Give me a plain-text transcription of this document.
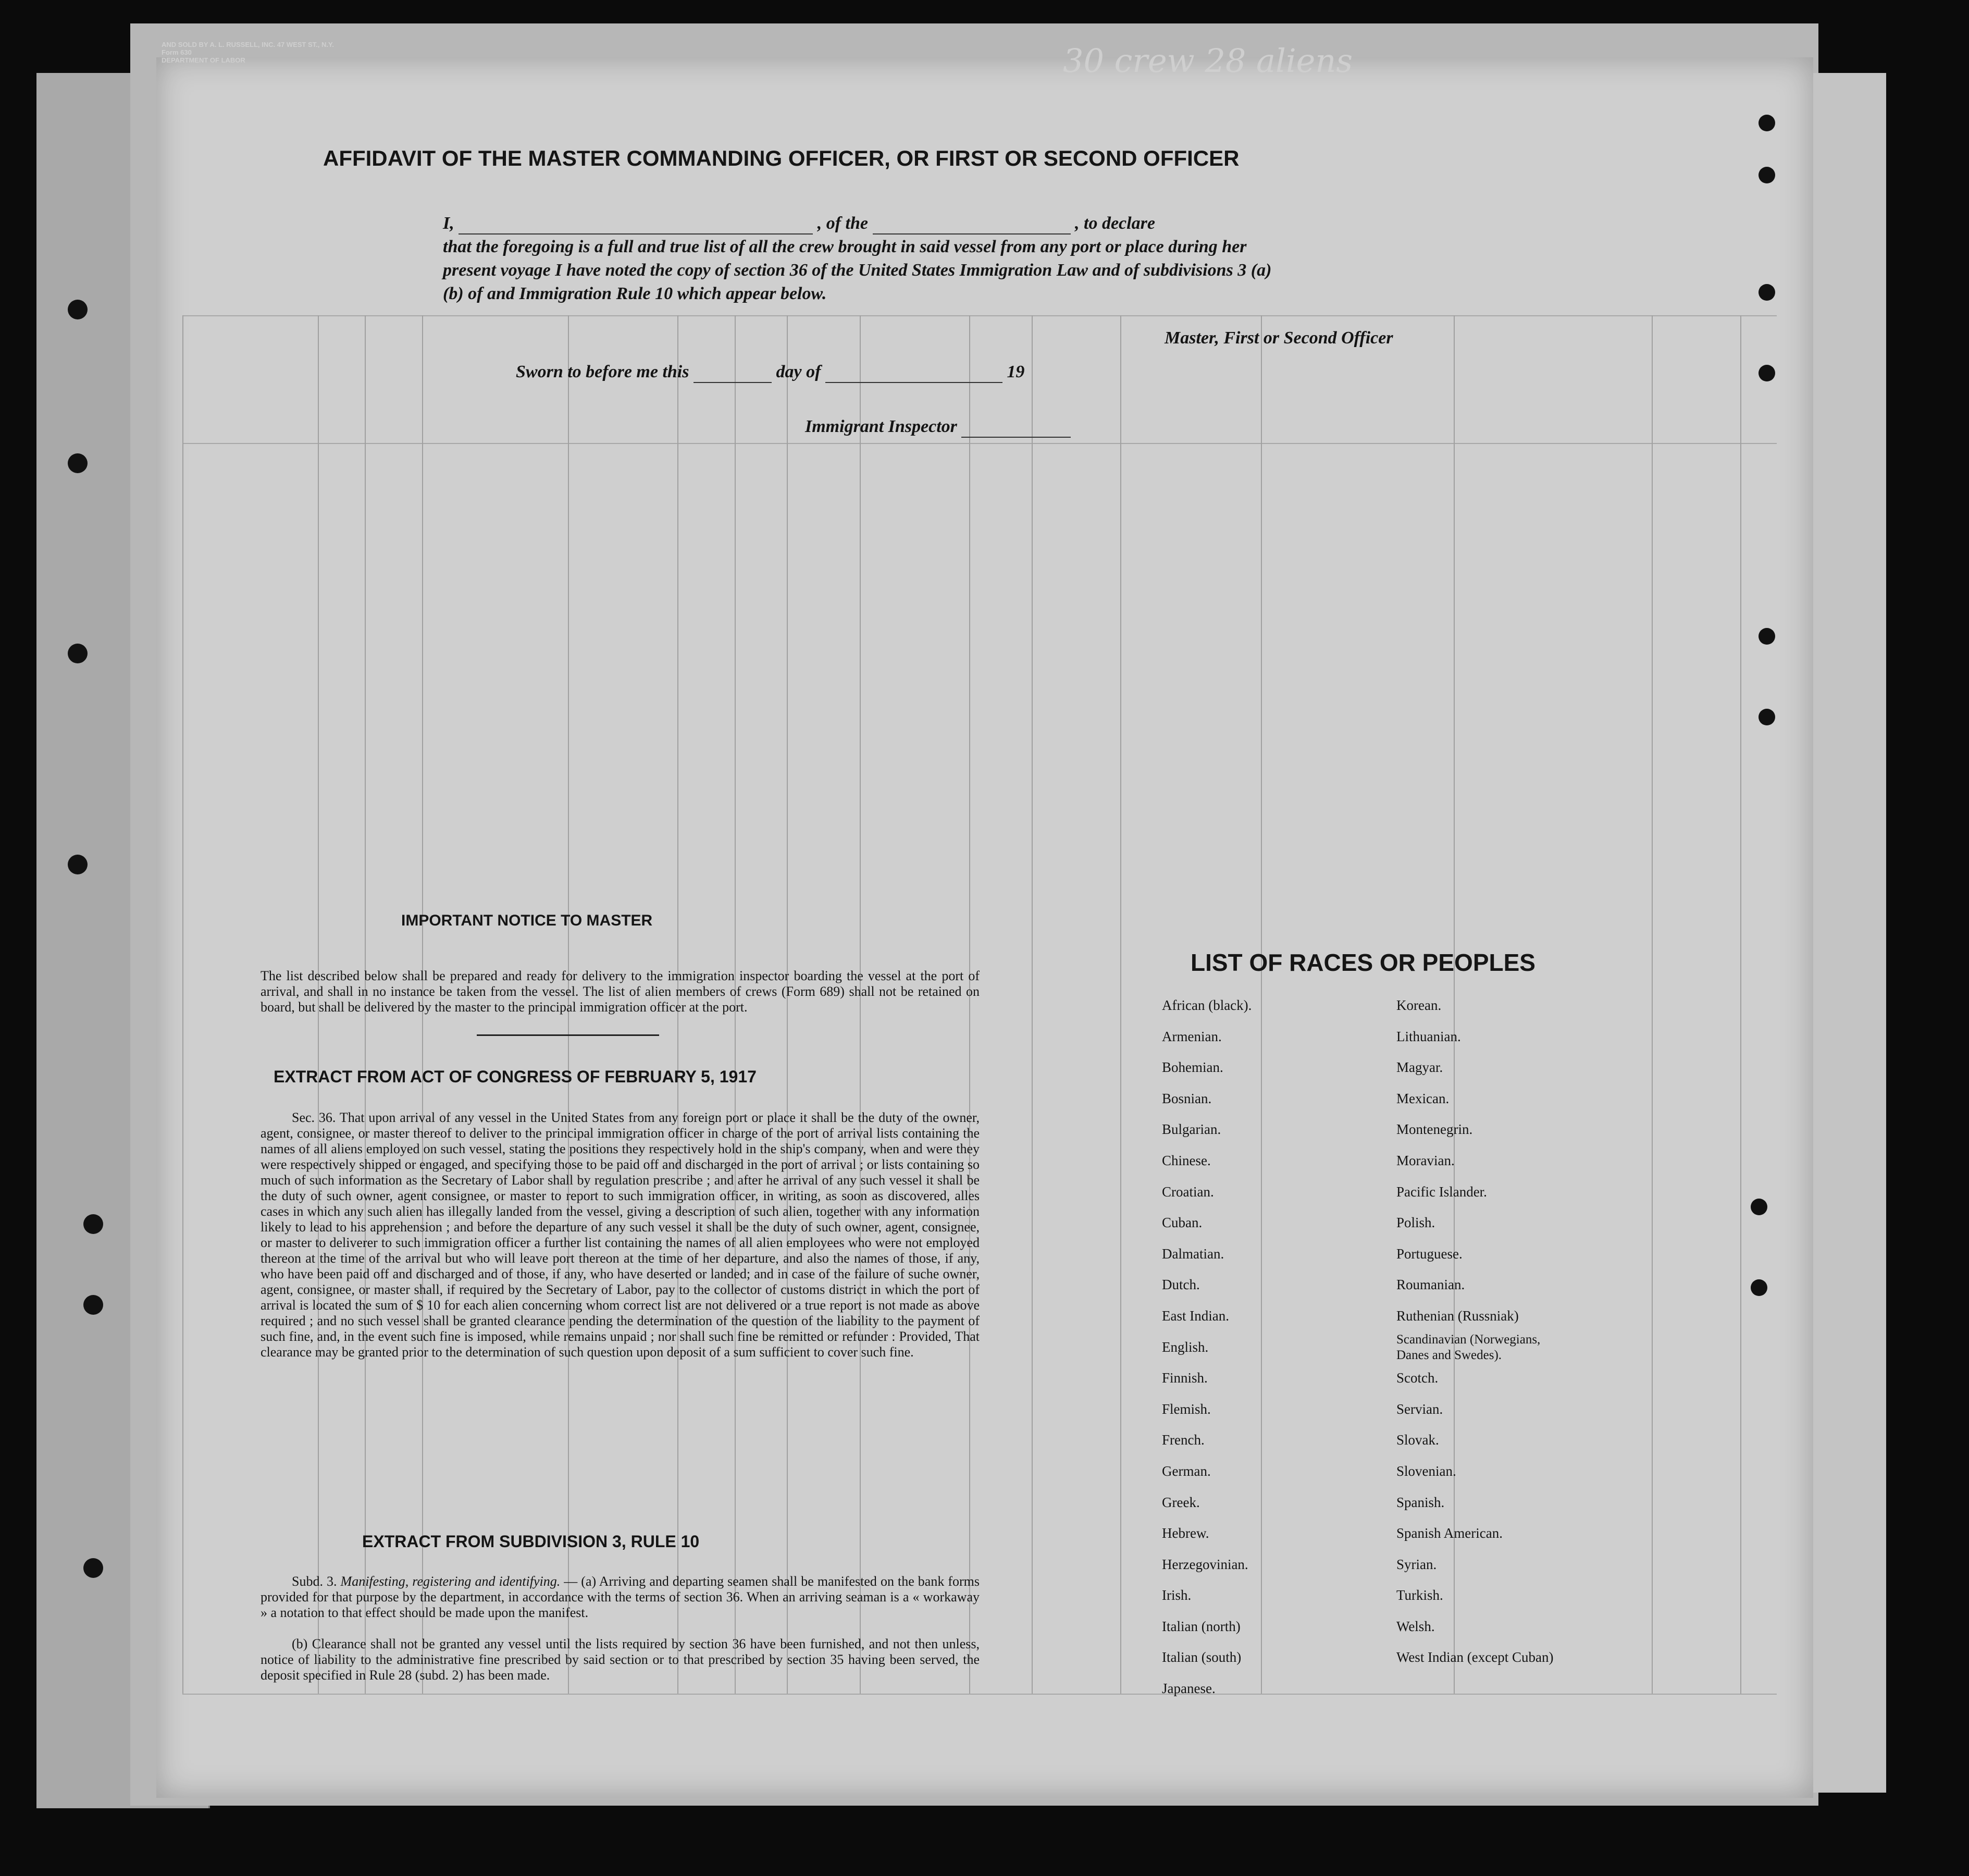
AND SOLD BY A. L. RUSSELL, INC. 47 WEST ST., N.Y.
Form 630
DEPARTMENT OF LABOR	30 crew 28 aliens
AFFIDAVIT OF THE MASTER COMMANDING OFFICER, OR FIRST OR SECOND OFFICER
I,	, of the	, to declare
that the foregoing is a full and true list of all the crew brought in said vessel from any port or place during her
present voyage I have noted the copy of section 36 of the United States Immigration Law and of subdivisions 3 (a)
(b) of and Immigration Rule 10 which appear below.
Master, First or Second Officer
Sworn to before me this	day of	19
Immigrant Inspector
IMPORTANT NOTICE TO MASTER
The list described below shall be prepared and ready for delivery to the immigration inspector boarding the vessel at the port of arrival, and shall in no instance be taken from the vessel. The list of alien members of crews (Form 689) shall not be retained on board, but shall be delivered by the master to the principal immigration officer at the port.
EXTRACT FROM ACT OF CONGRESS OF FEBRUARY 5, 1917
Sec. 36. That upon arrival of any vessel in the United States from any foreign port or place it shall be the duty of the owner, agent, consignee, or master thereof to deliver to the principal immigration officer in charge of the port of arrival lists containing the names of all aliens employed on such vessel, stating the positions they respectively hold in the ship's company, when and were they were respectively shipped or engaged, and specifying those to be paid off and discharged in the port of arrival ; or lists containing so much of such information as the Secretary of Labor shall by regulation prescribe ; and after he arrival of any such vessel it shall be the duty of such owner, agent consignee, or master to report to such immigration officer, in writing, as soon as discovered, alles cases in which any such alien has illegally landed from the vessel, giving a description of such alien, together with any information likely to lead to his apprehension ; and before the departure of any such vessel it shall be the duty of such owner, agent, consignee, or master to deliverer to such immigration officer a further list containing the names of all alien employees who were not employed thereon at the time of the arrival but who will leave port thereon at the time of her departure, and also the names of those, if any, who have been paid off and discharged and of those, if any, who have deserted or landed; and in case of the failure of suche owner, agent, consignee, or master shall, if required by the Secretary of Labor, pay to the collector of customs district in which the port of arrival is located the sum of $ 10 for each alien concerning whom correct list are not delivered or a true report is not made as above required ; and no such vessel shall be granted clearance pending the determination of the question of the liability to the payment of such fine, and, in the event such fine is imposed, while remains unpaid ; nor shall such fine be remitted or refunder : Provided, That clearance may be granted prior to the determination of such question upon deposit of a sum sufficient to cover such fine.
EXTRACT FROM SUBDIVISION 3, RULE 10
Subd. 3. Manifesting, registering and identifying. — (a) Arriving and departing seamen shall be manifested on the bank forms provided for that purpose by the department, in accordance with the terms of section 36. When an arriving seaman is a « workaway » a notation to that effect should be made upon the manifest.
(b) Clearance shall not be granted any vessel until the lists required by section 36 have been furnished, and not then unless, notice of liability to the administrative fine prescribed by said section or to that prescribed by section 35 having been served, the deposit specified in Rule 28 (subd. 2) has been made.
LIST OF RACES OR PEOPLES
African (black).
Armenian.
Bohemian.
Bosnian.
Bulgarian.
Chinese.
Croatian.
Cuban.
Dalmatian.
Dutch.
East Indian.
English.
Finnish.
Flemish.
French.
German.
Greek.
Hebrew.
Herzegovinian.
Irish.
Italian (north)
Italian (south)
Japanese.
Korean.
Lithuanian.
Magyar.
Mexican.
Montenegrin.
Moravian.
Pacific Islander.
Polish.
Portuguese.
Roumanian.
Ruthenian (Russniak)
Scandinavian (Norwegians, Danes and Swedes).
Scotch.
Servian.
Slovak.
Slovenian.
Spanish.
Spanish American.
Syrian.
Turkish.
Welsh.
West Indian (except Cuban)
